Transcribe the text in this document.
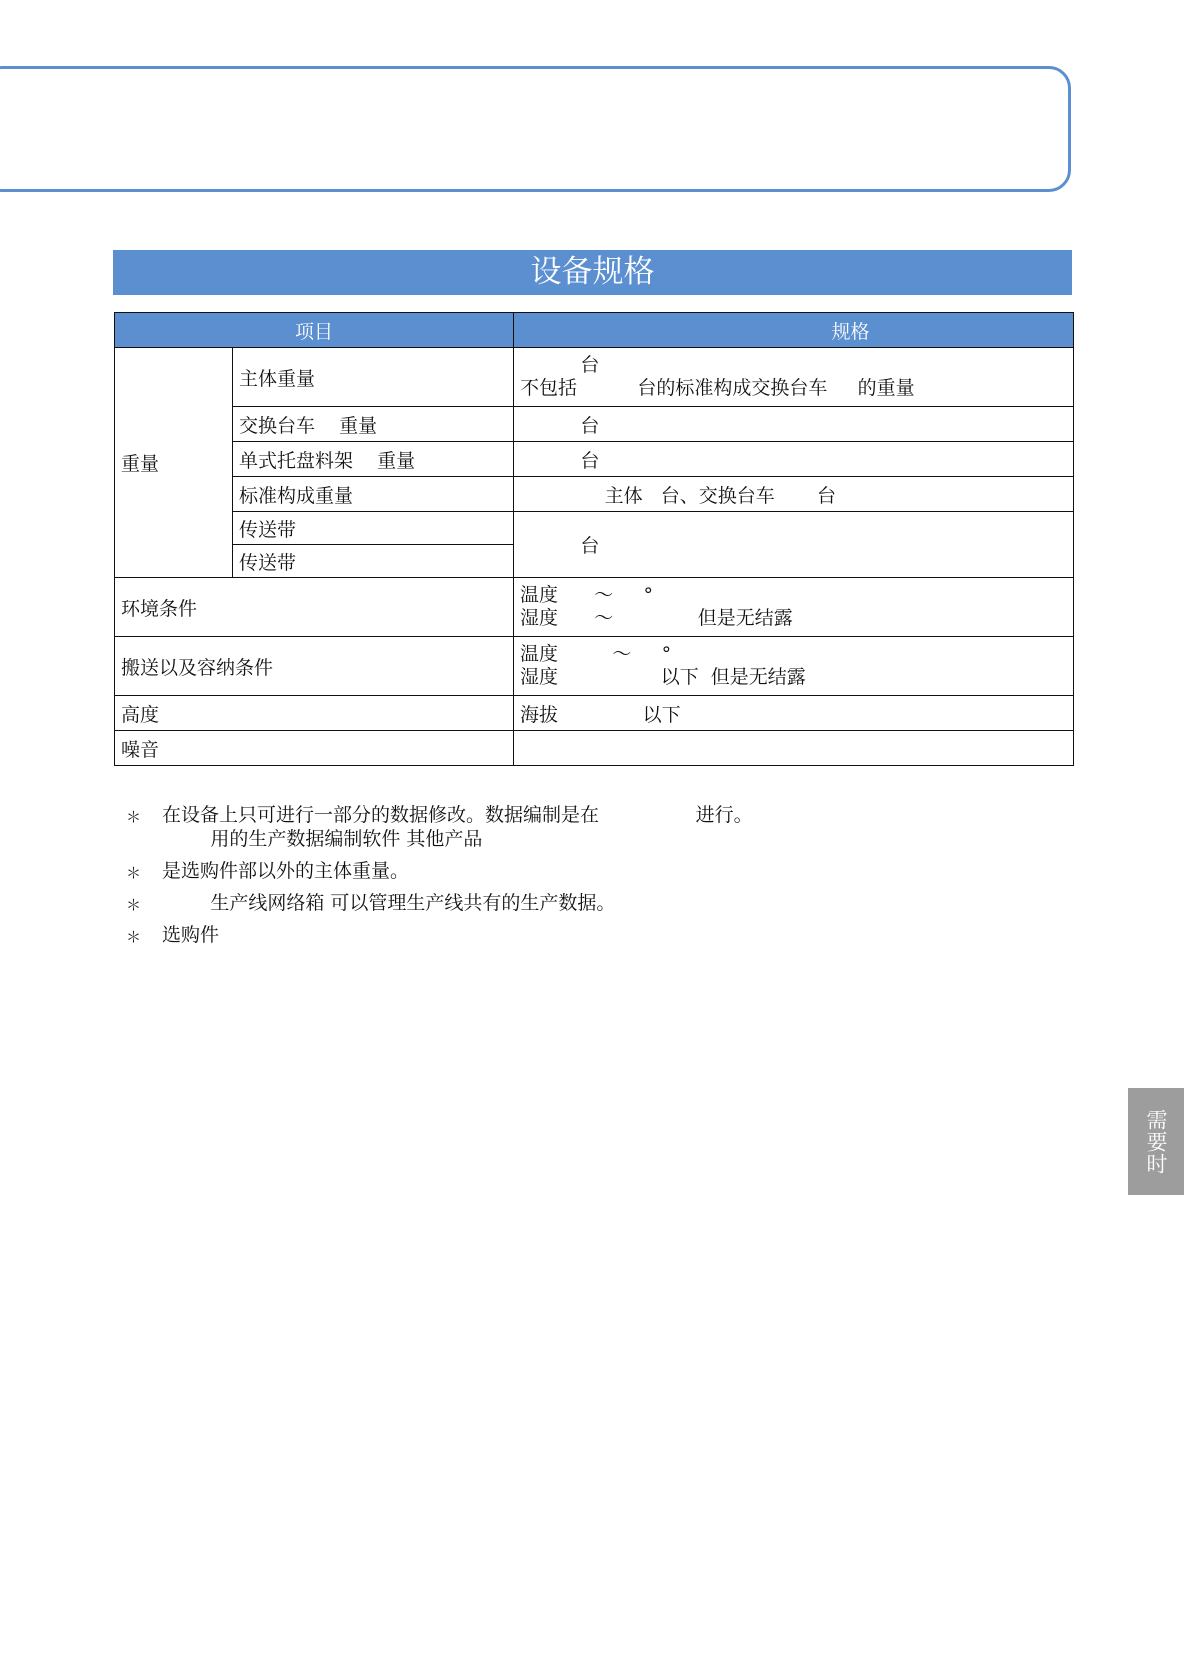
设备规格
项目		规格
重量	主体重量	台
不包括          台的标准构成交换台车     的重量

	交换台车    重量	台
	单式托盘料架    重量	台
	标准构成重量	主体   台、交换台车       台
	传送带	台
	传送带	
环境条件		温度      ～     °
湿度      ～              但是无结露

搬送以及容纳条件		温度         ～     °
湿度                 以下  但是无结露

高度		海拔              以下
噪音		
＊ 在设备上只可进行一部分的数据修改。数据编制是在                进行。
用的生产数据编制软件 其他产品
＊ 是选购件部以外的主体重量。
＊ 生产线网络箱 可以管理生产线共有的生产数据。
＊ 选购件
需要时
